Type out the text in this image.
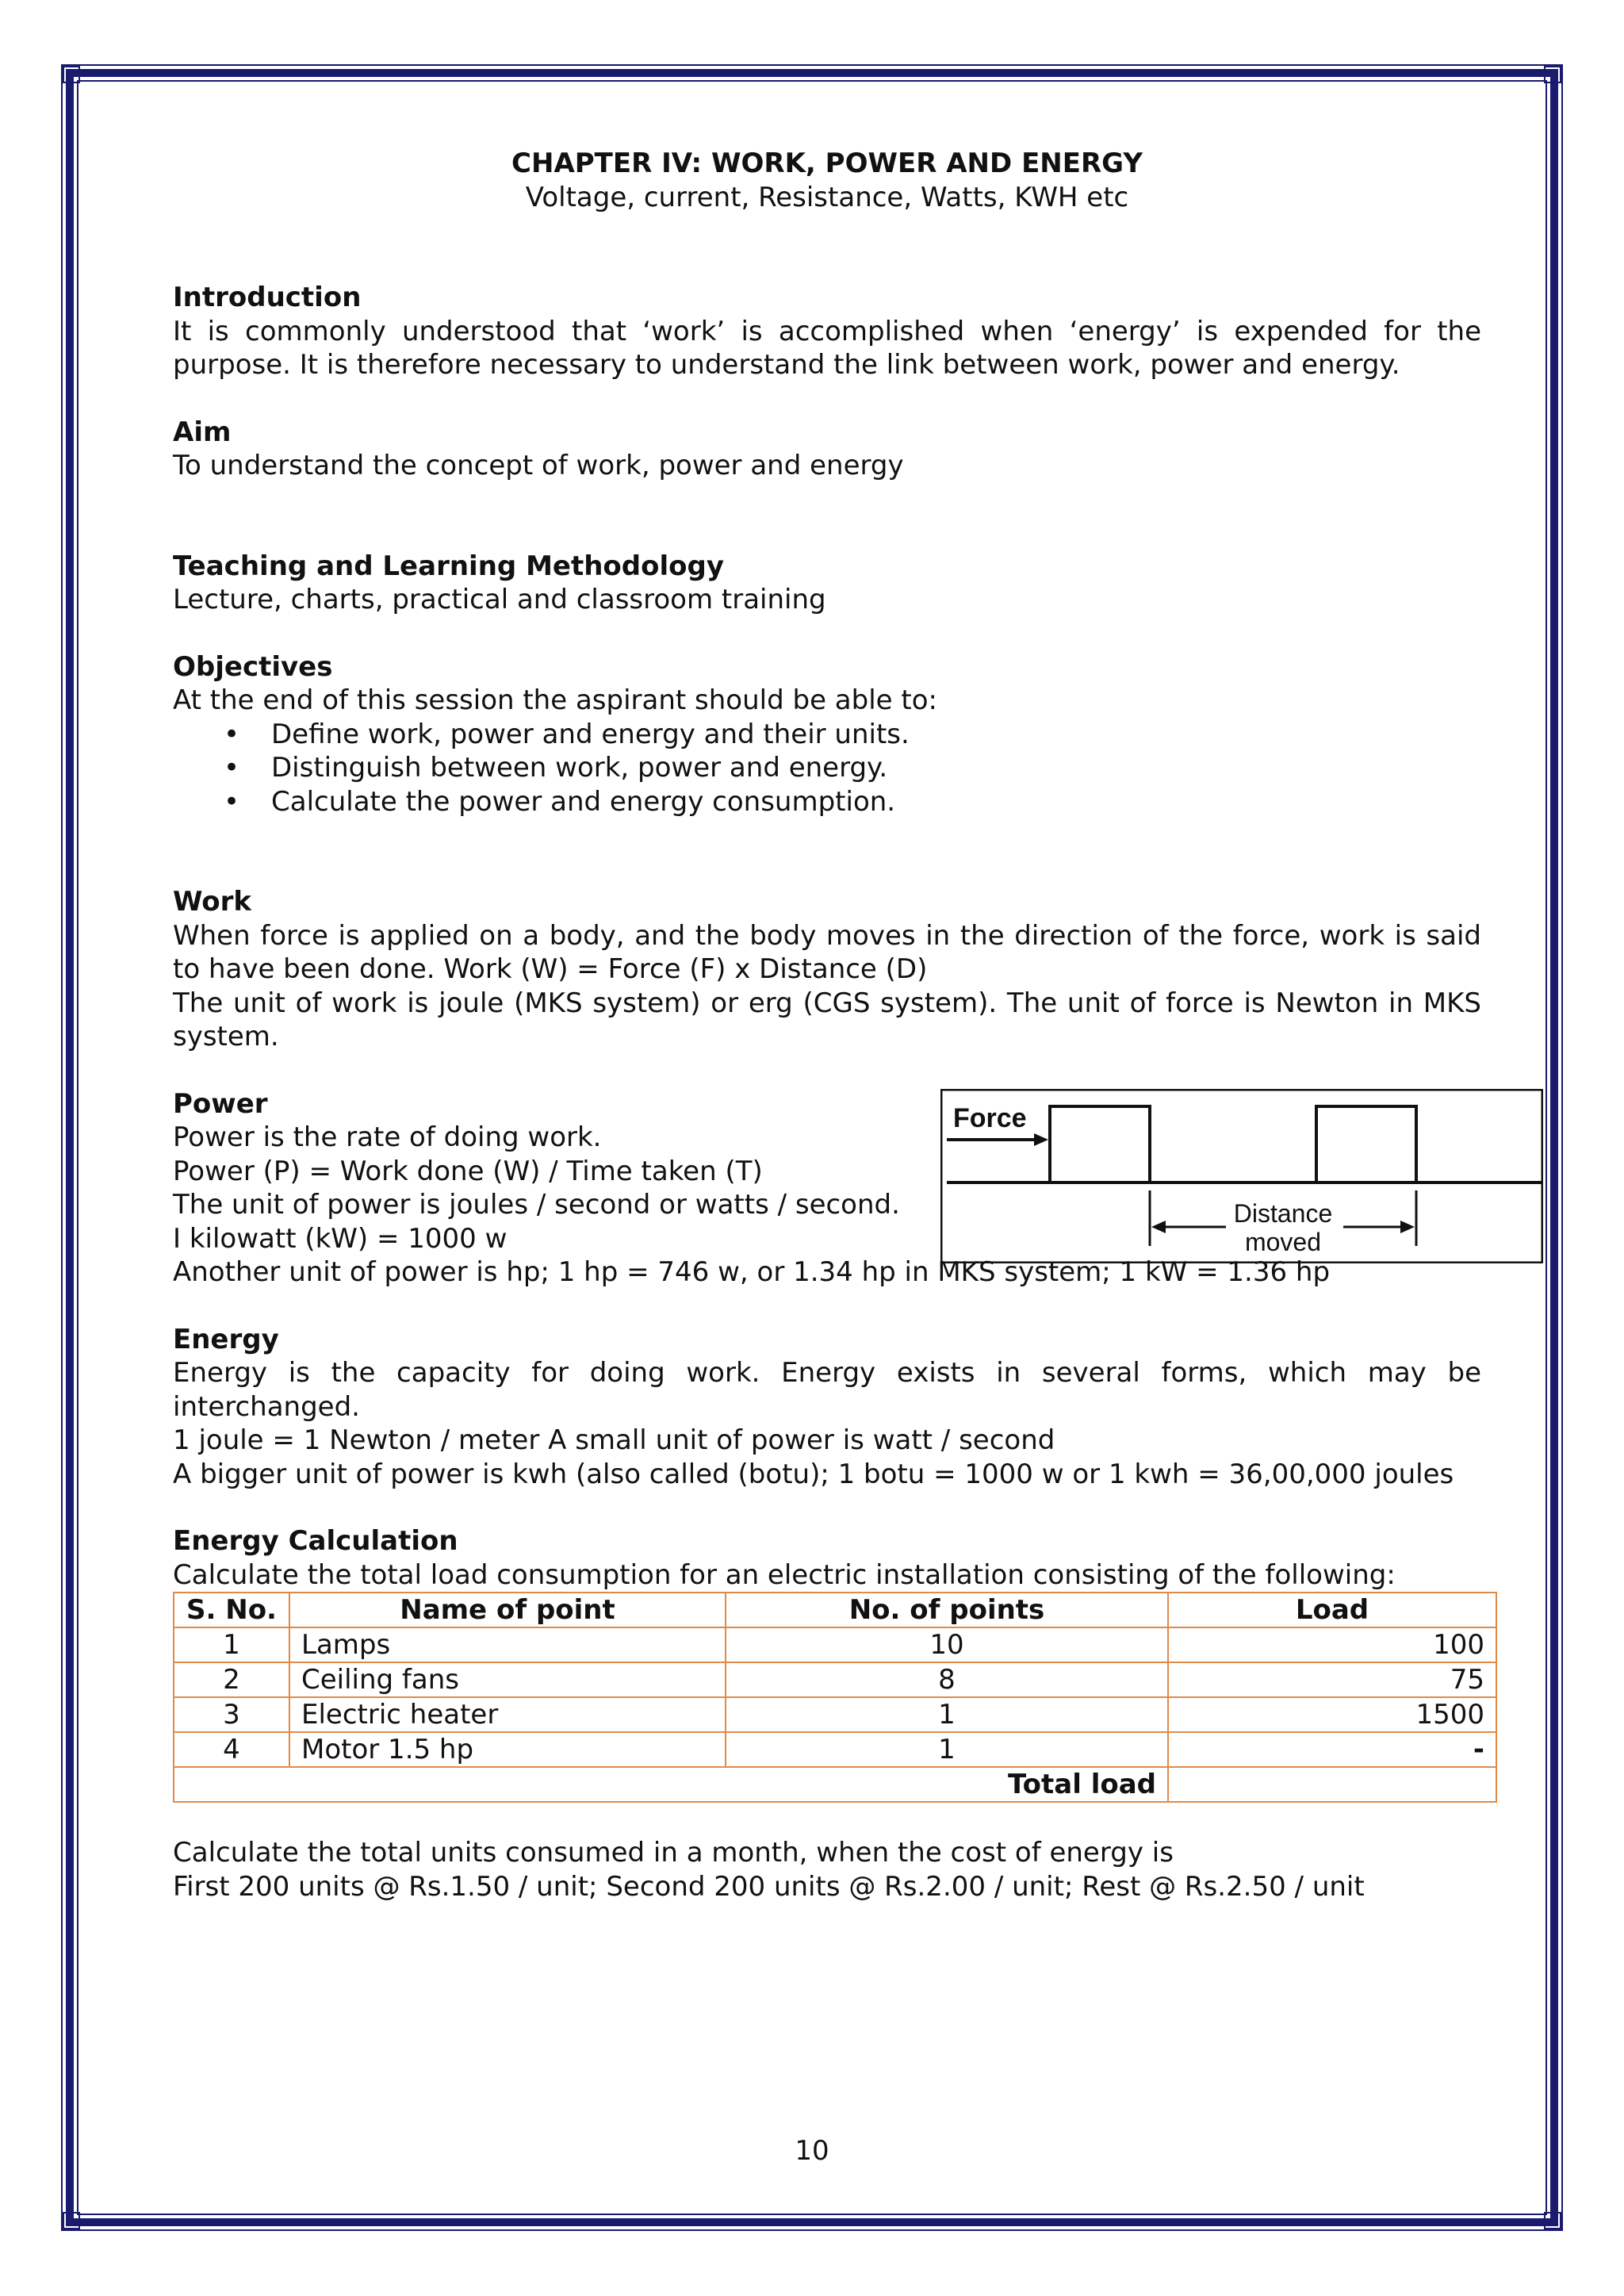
CHAPTER IV: WORK, POWER AND ENERGY

Voltage, current, Resistance, Watts, KWH etc

Introduction

It is commonly understood that ‘work’ is accomplished when ‘energy’ is expended for the purpose. It is therefore necessary to understand the link between work, power and energy.

Aim

To understand the concept of work, power and energy

Teaching and Learning Methodology

Lecture, charts, practical and classroom training

Objectives

At the end of this session the aspirant should be able to:

• Define work, power and energy and their units.
• Distinguish between work, power and energy.
• Calculate the power and energy consumption.

Work

When force is applied on a body, and the body moves in the direction of the force, work is said to have been done. Work (W) = Force (F) x Distance (D)

The unit of work is joule (MKS system) or erg (CGS system). The unit of force is Newton in MKS system.

Power

Power is the rate of doing work.

Power (P) = Work done (W) / Time taken (T)

The unit of power is joules / second or watts / second.

I kilowatt (kW) = 1000 w

Another unit of power is hp; 1 hp = 746 w, or 1.34 hp in MKS system; 1 kW = 1.36 hp

Force
Distance
moved

Energy

Energy is the capacity for doing work. Energy exists in several forms, which may be interchanged.

1 joule = 1 Newton / meter A small unit of power is watt / second

A bigger unit of power is kwh (also called (botu); 1 botu = 1000 w or 1 kwh = 36,00,000 joules

Energy Calculation

Calculate the total load consumption for an electric installation consisting of the following:

S. No.	Name of point	No. of points	Load
1	Lamps	10	100
2	Ceiling fans	8	75
3	Electric heater	1	1500
4	Motor 1.5 hp	1	-
Total load			

Calculate the total units consumed in a month, when the cost of energy is

First 200 units @ Rs.1.50 / unit; Second 200 units @ Rs.2.00 / unit; Rest @ Rs.2.50 / unit

10
